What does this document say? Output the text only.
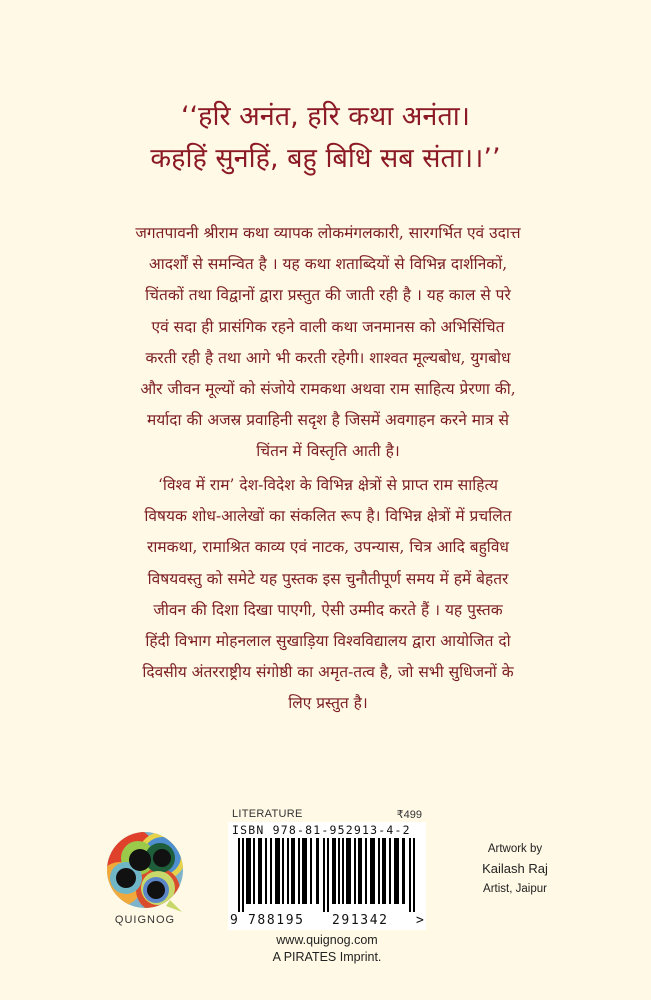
‘‘हरि अनंत, हरि कथा अनंता।
कहहिं सुनहिं, बहु बिधि सब संता।।’’
जगतपावनी श्रीराम कथा व्यापक लोकमंगलकारी, सारगर्भित एवं उदात्त
आदर्शों से समन्वित है । यह कथा शताब्दियों से विभिन्न दार्शनिकों,
चिंतकों तथा विद्वानों द्वारा प्रस्तुत की जाती रही है । यह काल से परे
एवं सदा ही प्रासंगिक रहने वाली कथा जनमानस को अभिसिंचित
करती रही है तथा आगे भी करती रहेगी। शाश्वत मूल्यबोध, युगबोध
और जीवन मूल्यों को संजोये रामकथा अथवा राम साहित्य प्रेरणा की,
मर्यादा की अजस्र प्रवाहिनी सदृश है जिसमें अवगाहन करने मात्र से
चिंतन में विस्तृति आती है।
‘विश्व में राम’ देश-विदेश के विभिन्न क्षेत्रों से प्राप्त राम साहित्य
विषयक शोध-आलेखों का संकलित रूप है। विभिन्न क्षेत्रों में प्रचलित
रामकथा, रामाश्रित काव्य एवं नाटक, उपन्यास, चित्र आदि बहुविध
विषयवस्तु को समेटे यह पुस्तक इस चुनौतीपूर्ण समय में हमें बेहतर
जीवन की दिशा दिखा पाएगी, ऐसी उम्मीद करते हैं । यह पुस्तक
हिंदी विभाग मोहनलाल सुखाड़िया विश्वविद्यालय द्वारा आयोजित दो
दिवसीय अंतरराष्ट्रीय संगोष्ठी का अमृत-तत्व है, जो सभी सुधिजनों के
लिए प्रस्तुत है।
QUIGNOG
LITERATURE	₹499
ISBN 978-81-952913-4-2
9 788195 291342 >
www.quignog.com
A PIRATES Imprint.
Artwork by
Kailash Raj
Artist, Jaipur
